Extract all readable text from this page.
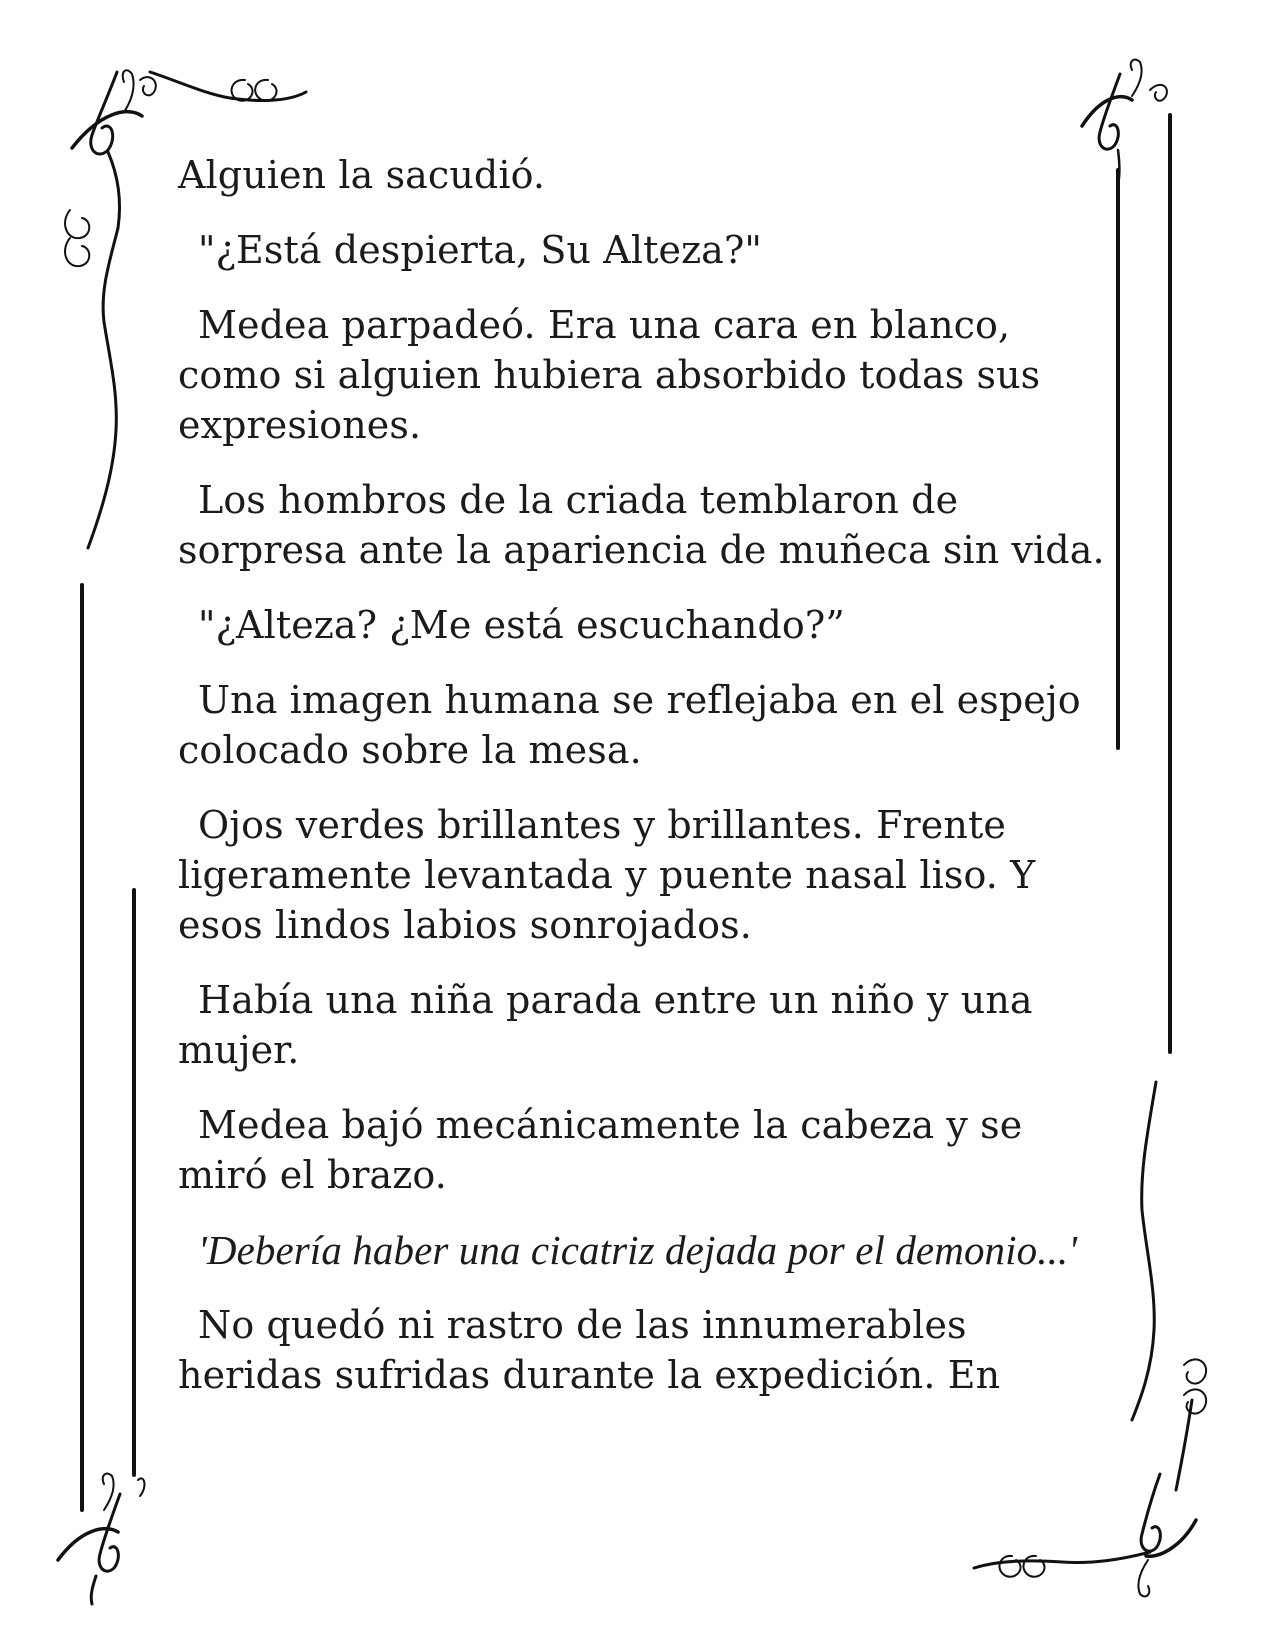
Alguien la sacudió.

"¿Está despierta, Su Alteza?"

Medea parpadeó. Era una cara en blanco, como si alguien hubiera absorbido todas sus expresiones.

Los hombros de la criada temblaron de sorpresa ante la apariencia de muñeca sin vida.

"¿Alteza? ¿Me está escuchando?”

Una imagen humana se reflejaba en el espejo colocado sobre la mesa.

Ojos verdes brillantes y brillantes. Frente ligeramente levantada y puente nasal liso. Y esos lindos labios sonrojados.

Había una niña parada entre un niño y una mujer.

Medea bajó mecánicamente la cabeza y se miró el brazo.

'Debería haber una cicatriz dejada por el demonio...'

No quedó ni rastro de las innumerables heridas sufridas durante la expedición. En
